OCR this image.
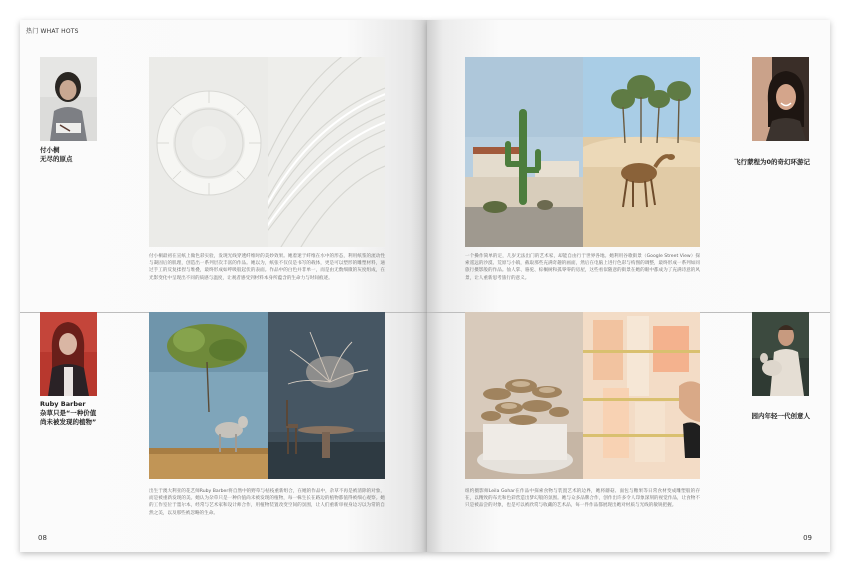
热门 WHAT HOTS
付小桐
无尽的原点
付小桐最初在宣纸上做色彩实验，发现光线穿透纤维时的美妙效果。她着迷于纤维在水中的形态，利用纸浆的流动性与凝固后的肌理，创造出一系列层次丰富的作品。她以为，纸张不仅仅是书写的载体，更是可以塑形的雕塑材料，通过手工的反复揉捏与堆叠，最终形成如呼吸般起伏的表面。作品中的白色并非单一，而是由无数细微的灰度组成，在光影变化中呈现出不同的质感与温度，让观者感受到材料本身所蕴含的生命力与时间痕迹。
Ruby Barber
杂草只是“一种价值
尚未被发现的植物”
出生于澳大利亚的花艺师Ruby Barber将自然中的野草与枯枝重新组合，在她的作品中，杂草不再是被清除的对象，而是被重新发现的美。她认为杂草只是一种价值尚未被发现的植物，每一株生长在路边的植物都值得被细心观察。她的工作室位于墨尔本，经常与艺术家和设计师合作，用植物装置改变空间的氛围，让人们重新审视身边习以为常的自然之美，以及那些被忽略的生命。
08
飞行蒙程为0的奇幻环游记
一个操作简单的定，几岁无法出门的艺术家，却能自由行于世界各地。她利用谷歌街景（Google Street View）探索遥远的沙漠、荒原与小镇，截取那些充满奇趣的画面，然后在电脑上进行色彩与构图的调整，最终形成一系列如同旅行摄影般的作品。仙人掌、骆驼、棕榈树和孤零零的房屋，这些看似随意的街景在她的眼中都成为了充满诗意的风景，让人重新思考旅行的意义。
园内年轻一代创意人
纽约摄影师Leila Gohar在作品中探索食物与装置艺术的边界，她将蘑菇、面包与糖果等日常食材变成雕塑般的存在，以精致的布光和色彩营造出梦幻般的氛围。她与众多品牌合作，创作出许多令人印象深刻的视觉作品，让食物不只是被品尝的对象，也是可以被欣赏与收藏的艺术品，每一件作品都展现出她对材质与光线的敏锐把握。
09
